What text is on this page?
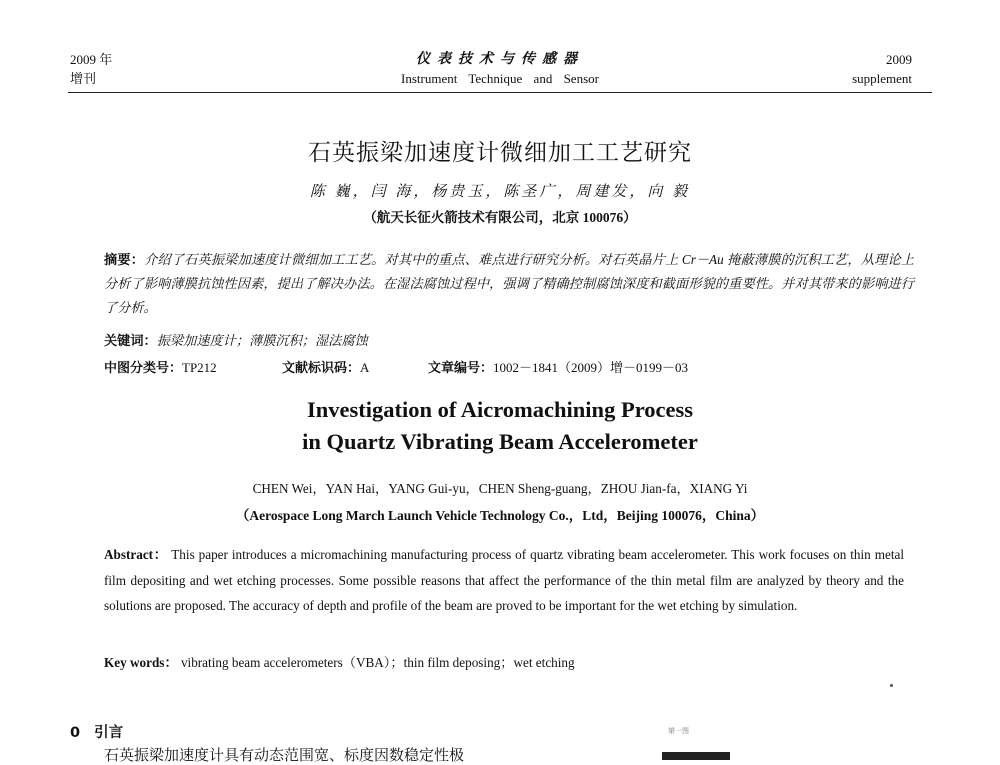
2009 年
增刊
仪表技术与传感器
Instrument Technique and Sensor
2009
supplement
石英振梁加速度计微细加工工艺研究
陈 巍，闫 海，杨贵玉，陈圣广，周建发，向 毅
（航天长征火箭技术有限公司，北京 100076）
摘要：介绍了石英振梁加速度计微细加工工艺。对其中的重点、难点进行研究分析。对石英晶片上 Cr－Au 掩蔽薄膜的沉积工艺，从理论上分析了影响薄膜抗蚀性因素，提出了解决办法。在湿法腐蚀过程中，强调了精确控制腐蚀深度和截面形貌的重要性。并对其带来的影响进行了分析。
关键词：振梁加速度计；薄膜沉积；湿法腐蚀
中图分类号：TP212	文献标识码：A	文章编号：1002－1841（2009）增－0199－03
Investigation of Aicromachining Process
in Quartz Vibrating Beam Accelerometer
CHEN Wei，YAN Hai，YANG Gui-yu，CHEN Sheng-guang，ZHOU Jian-fa，XIANG Yi
（Aerospace Long March Launch Vehicle Technology Co.，Ltd，Beijing 100076，China）
Abstract： This paper introduces a micromachining manufacturing process of quartz vibrating beam accelerometer. This work focuses on thin metal film depositing and wet etching processes. Some possible reasons that affect the performance of the thin metal film are analyzed by theory and the solutions are proposed. The accuracy of depth and profile of the beam are proved to be important for the wet etching by simulation.
Key words： vibrating beam accelerometers（VBA）；thin film deposing；wet etching
0 引言
石英振梁加速度计具有动态范围宽、标度因数稳定性极
第一图
